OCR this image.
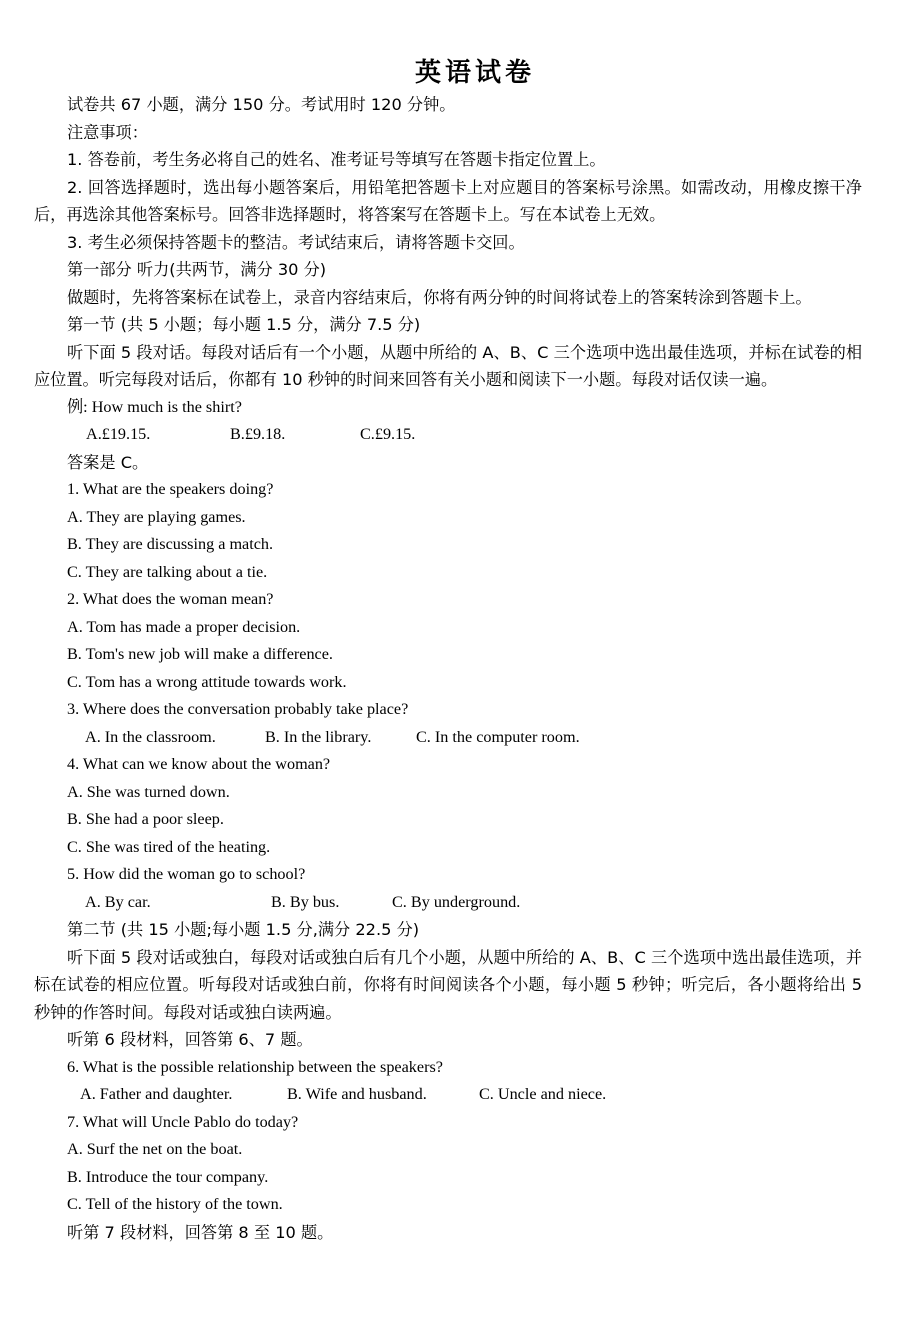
英语试卷

试卷共 67 小题，满分 150 分。考试用时 120 分钟。

注意事项：

1. 答卷前，考生务必将自己的姓名、准考证号等填写在答题卡指定位置上。

2. 回答选择题时，选出每小题答案后，用铅笔把答题卡上对应题目的答案标号涂黑。如需改动，用橡皮擦干净后，再选涂其他答案标号。回答非选择题时，将答案写在答题卡上。写在本试卷上无效。

3. 考生必须保持答题卡的整洁。考试结束后，请将答题卡交回。

第一部分 听力(共两节，满分 30 分)

做题时，先将答案标在试卷上，录音内容结束后，你将有两分钟的时间将试卷上的答案转涂到答题卡上。

第一节 (共 5 小题；每小题 1.5 分，满分 7.5 分)

听下面 5 段对话。每段对话后有一个小题，从题中所给的 A、B、C 三个选项中选出最佳选项，并标在试卷的相应位置。听完每段对话后，你都有 10 秒钟的时间来回答有关小题和阅读下一小题。每段对话仅读一遍。

例: How much is the shirt?

A.£19.15.	B.£9.18.	C.£9.15.

答案是 C。

1. What are the speakers doing?

A. They are playing games.

B. They are discussing a match.

C. They are talking about a tie.

2. What does the woman mean?

A. Tom has made a proper decision.

B. Tom's new job will make a difference.

C. Tom has a wrong attitude towards work.

3. Where does the conversation probably take place?

A. In the classroom.	B. In the library.	C. In the computer room.

4. What can we know about the woman?

A. She was turned down.

B. She had a poor sleep.

C. She was tired of the heating.

5. How did the woman go to school?

A. By car.	B. By bus.	C. By underground.

第二节 (共 15 小题;每小题 1.5 分,满分 22.5 分)

听下面 5 段对话或独白，每段对话或独白后有几个小题，从题中所给的 A、B、C 三个选项中选出最佳选项，并标在试卷的相应位置。听每段对话或独白前，你将有时间阅读各个小题，每小题 5 秒钟；听完后，各小题将给出 5 秒钟的作答时间。每段对话或独白读两遍。

听第 6 段材料，回答第 6、7 题。

6. What is the possible relationship between the speakers?

A. Father and daughter.	B. Wife and husband.	C. Uncle and niece.

7. What will Uncle Pablo do today?

A. Surf the net on the boat.

B. Introduce the tour company.

C. Tell of the history of the town.

听第 7 段材料，回答第 8 至 10 题。
